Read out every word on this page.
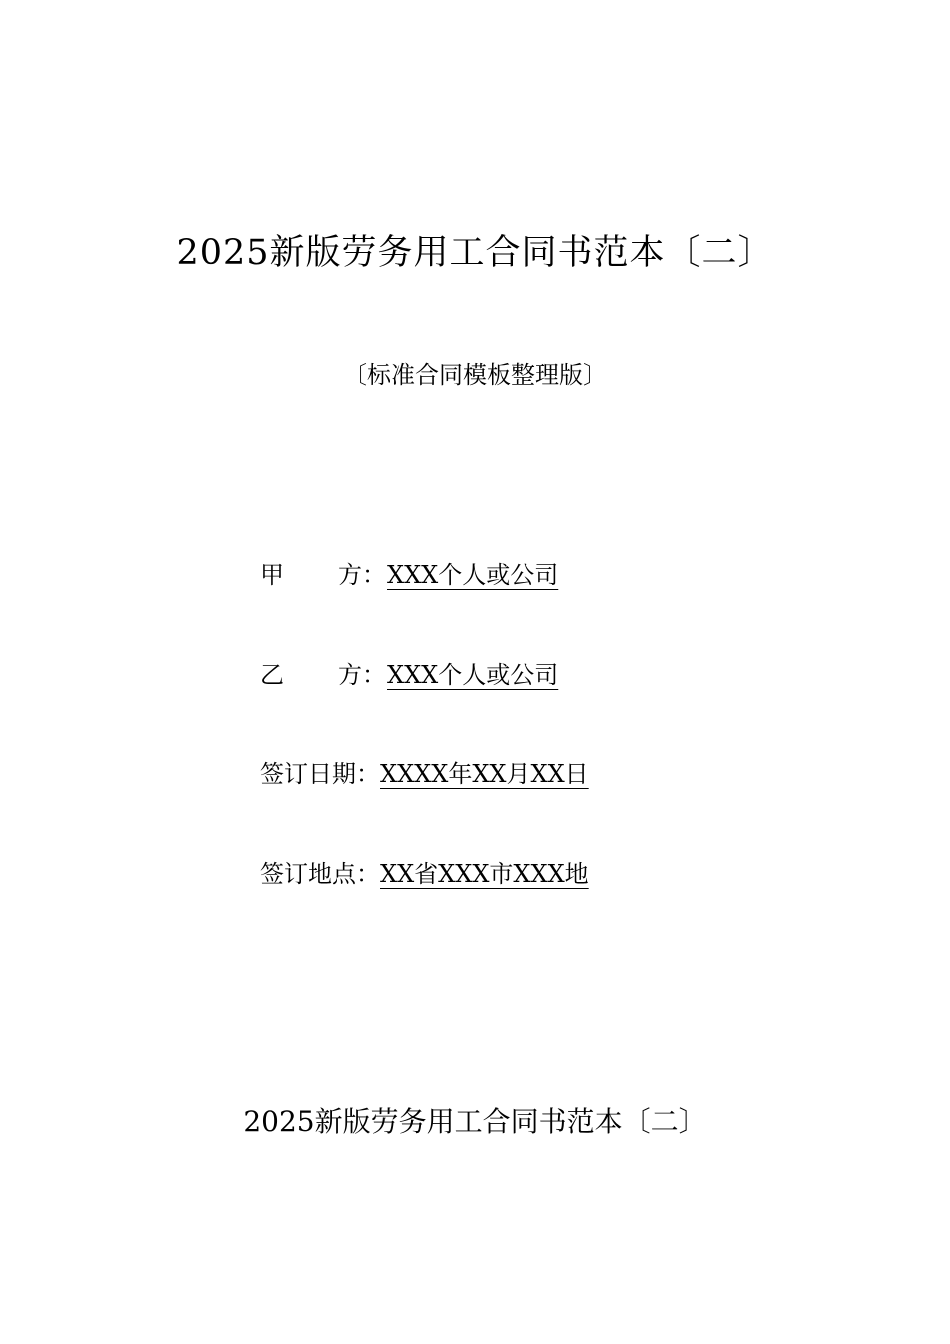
2025新版劳务用工合同书范本〔二〕
〔标准合同模板整理版〕
甲 方：XXX个人或公司
乙 方：XXX个人或公司
签订日期：XXXX年XX月XX日
签订地点：XX省XXX市XXX地
2025新版劳务用工合同书范本〔二〕
